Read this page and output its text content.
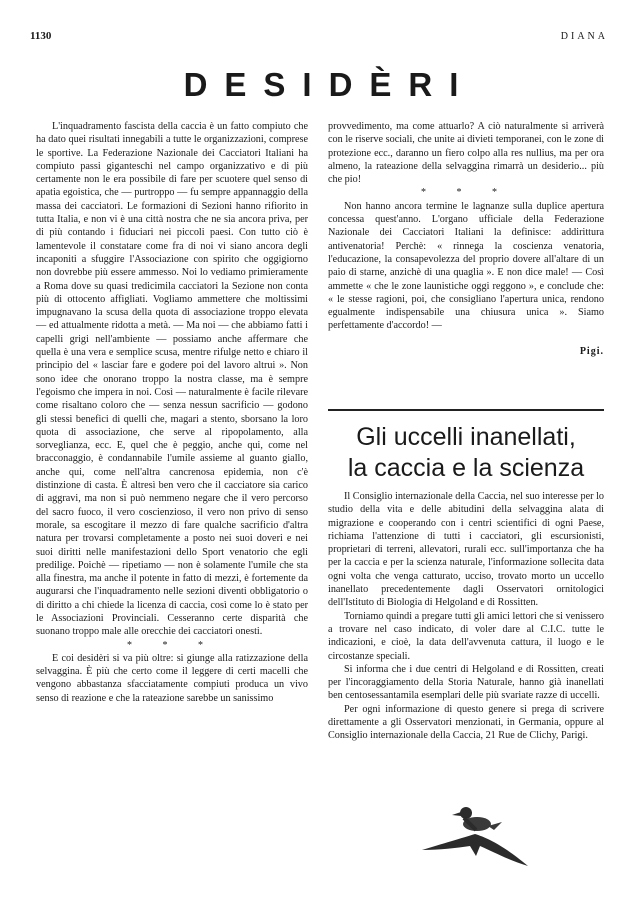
1130	DIANA
DESIDÈRI

L'inquadramento fascista della caccia è un fatto compiuto che ha dato quei risultati innegabili a tutte le organizzazioni, comprese le sportive. La Federazione Nazionale dei Cacciatori Italiani ha compiuto passi giganteschi nel campo organizzativo e di più certamente non le era possibile di fare per scuotere quel senso di apatia egoistica, che — purtroppo — fu sempre appannaggio della massa dei cacciatori. Le formazioni di Sezioni hanno rifiorito in tutta Italia, e non vi è una città nostra che ne sia ancora priva, per di più contando i fiduciari nei piccoli paesi. Con tutto ciò è lamentevole il constatare come fra di noi vi siano ancora degli incaponiti a sfuggire l'Associazione con spirito che oggigiorno non dovrebbe più essere ammesso. Noi lo vediamo primieramente a Roma dove su quasi tredicimila cacciatori la Sezione non conta più di ottocento affigliati. Vogliamo ammettere che moltissimi impugnavano la scusa della quota di associazione troppo elevata — ed attualmente ridotta a metà. — Ma noi — che abbiamo fatti i capelli grigi nell'ambiente — possiamo anche affermare che quella è una vera e semplice scusa, mentre rifulge netto e chiaro il principio del « lasciar fare e godere poi del lavoro altrui ». Non sono idee che onorano troppo la nostra classe, ma è sempre l'egoismo che impera in noi. Così — naturalmente è facile rilevare come risaltano coloro che — senza nessun sacrificio — godono gli stessi benefici di quelli che, magari a stento, sborsano la loro quota di associazione, che serve al ripopolamento, alla sorveglianza, ecc. E, quel che è peggio, anche qui, come nel bracconaggio, è condannabile l'umile assieme al guanto giallo, anche qui, come nell'altra cancrenosa epidemia, non c'è distinzione di casta. È altresì ben vero che il cacciatore sia carico di aggravi, ma non si può nemmeno negare che il vero percorso del sacro fuoco, il vero coscienzioso, il vero non privo di senso morale, sa escogitare il mezzo di fare qualche sacrificio d'altra natura per trovarsi completamente a posto nei suoi doveri e nei suoi diritti nelle manifestazioni dello Sport venatorio che egli predilige. Poichè — ripetiamo — non è solamente l'umile che sta alla finestra, ma anche il potente in fatto di mezzi, è fortemente da augurarsi che l'inquadramento nelle sezioni diventi obbligatorio o di diritto a chi chiede la licenza di caccia, così come lo è stato per le Associazioni Provinciali. Cesseranno certe disparità che suonano troppo male alle orecchie dei cacciatori onesti.

* * *

E coi desidèri si va più oltre: si giunge alla ratizzazione della selvaggina. È più che certo come il leggere di certi macelli che vengono abbastanza sfacciatamente compiuti produca un vivo senso di reazione e che la rateazione sarebbe un sanissimo

provvedimento, ma come attuarlo? A ciò naturalmente si arriverà con le riserve sociali, che unite ai divieti temporanei, con le zone di protezione ecc., daranno un fiero colpo alla res nullius, ma per ora almeno, la rateazione della selvaggina rimarrà un desiderio... più che pio!

* * *

Non hanno ancora termine le lagnanze sulla duplice apertura concessa quest'anno. L'organo ufficiale della Federazione Nazionale dei Cacciatori Italiani la definisce: addirittura antivenatoria! Perchè: « rinnega la coscienza venatoria, l'educazione, la consapevolezza del proprio dovere all'altare di un paio di starne, anzichè di una quaglia ». E non dice male! — Così ammette « che le zone launistiche oggi reggono », e conclude che: « le stesse ragioni, poi, che consigliano l'apertura unica, rendono egualmente indispensabile una chiusura unica ». Siamo perfettamente d'accordo! —

Pigi.
Gli uccelli inanellati,
la caccia e la scienza

Il Consiglio internazionale della Caccia, nel suo interesse per lo studio della vita e delle abitudini della selvaggina alata di migrazione e cooperando con i centri scientifici di ogni Paese, richiama l'attenzione di tutti i cacciatori, gli escursionisti, proprietari di terreni, allevatori, rurali ecc. sull'importanza che ha per la caccia e per la scienza naturale, l'informazione sollecita data ogni volta che venga catturato, ucciso, trovato morto un uccello inanellato precedentemente dagli Osservatori ornitologici dell'Istituto di Biologia di Helgoland e di Rossitten.

Torniamo quindi a pregare tutti gli amici lettori che si venissero a trovare nel caso indicato, di voler dare al C.I.C. tutte le indicazioni, e cioè, la data dell'avvenuta cattura, il luogo e le circostanze speciali.

Si informa che i due centri di Helgoland e di Rossitten, creati per l'incoraggiamento della Storia Naturale, hanno già inanellati ben centosessantamila esemplari delle più svariate razze di uccelli.

Per ogni informazione di questo genere si prega di scrivere direttamente a gli Osservatori menzionati, in Germania, oppure al Consiglio internazionale della Caccia, 21 Rue de Clichy, Parigi.
